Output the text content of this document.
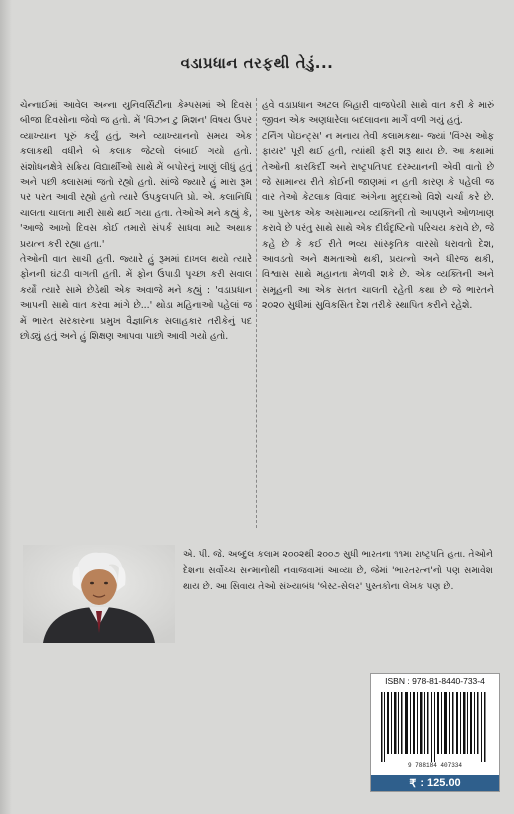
વડાપ્રધાન તરફથી તેડું...

ચેન્નાઈમાં આવેલ અન્ના યુનિવર્સિટીના કેમ્પસમાં એ દિવસ બીજા દિવસોના જેવો જ હતો. મેં 'વિઝન ટુ મિશન' વિષય ઉપર વ્યાખ્યાન પૂરું કર્યું હતું, અને વ્યાખ્યાનનો સમય એક કલાકથી વધીને બે કલાક જેટલો લંબાઈ ગયો હતો. સંશોધનક્ષેત્રે સક્રિય વિદ્યાર્થીઓ સાથે મેં બપોરનું ખાણું લીધું હતું અને પછી ક્લાસમાં જતો રહ્યો હતો. સાંજે જ્યારે હું મારા રૂમ પર પરત આવી રહ્યો હતો ત્યારે ઉપકુલપતિ પ્રો. એ. કલાનિધિ ચાલતા ચાલતા મારી સાથે થઈ ગયા હતા. તેઓએ મને કહ્યું કે, 'આજે આખો દિવસ કોઈ તમારો સંપર્ક સાધવા માટે અથાક પ્રયત્ન કરી રહ્યા હતા.'

તેઓની વાત સાચી હતી. જ્યારે હું રૂમમાં દાખલ થયો ત્યારે ફોનની ઘંટડી વાગતી હતી. મેં ફોન ઉપાડી પૃચ્છા કરી સવાલ કર્યો ત્યારે સામે છેડેથી એક અવાજે મને કહ્યું : 'વડાપ્રધાન આપની સાથે વાત કરવા માંગે છે...' થોડા મહિનાઓ પહેલાં જ મેં ભારત સરકારના પ્રમુખ વૈજ્ઞાનિક સલાહકાર તરીકેનું પદ છોડ્યું હતું અને હું શિક્ષણ આપવા પાછો આવી ગયો હતો.

હવે વડાપ્રધાન અટલ બિહારી વાજપેયી સાથે વાત કરી કે મારું જીવન એક અણધારેલા બદલાવના માર્ગે વળી ગયું હતું.

ટર્નિંગ પોઇન્ટ્સ' ન મનાય તેવી કલામકથા- જ્યાં 'વિંગ્સ ઓફ ફાયર' પૂરી થઈ હતી, ત્યાંથી ફરી શરૂ થાય છે. આ કથામાં તેઓની કારકિર્દી અને રાષ્ટ્રપતિપદ દરમ્યાનની એવી વાતો છે જે સામાન્ય રીતે કોઈની જાણમાં ન હતી કારણ કે પહેલી જ વાર તેઓ કેટલાક વિવાદ અંગેના મુદ્દાઓ વિશે ચર્ચા કરે છે. આ પુસ્તક એક અસામાન્ય વ્યક્તિની તો આપણને ઓળખાણ કરાવે છે પરંતુ સાથે સાથે એક દીર્ઘદૃષ્ટિનો પરિચય કરાવે છે, જે કહે છે કે કઈ રીતે ભવ્ય સાંસ્કૃતિક વારસો ધરાવતો દેશ, આવડતો અને ક્ષમતાઓ થકી, પ્રયત્નો અને ધીરજ થકી, વિશ્વાસ સાથે મહાનતા મેળવી શકે છે. એક વ્યક્તિની અને સમૂહની આ એક સતત ચાલતી રહેતી કથા છે જે ભારતને ૨૦૨૦ સુધીમાં સુવિકસિત દેશ તરીકે સ્થાપિત કરીને રહેશે.

એ. પી. જે. અબ્દુલ કલામ ૨૦૦૨થી ૨૦૦૭ સુધી ભારતના ૧૧મા રાષ્ટ્રપતિ હતા. તેઓને દેશના સર્વોચ્ચ સન્માનોથી નવાજવામાં આવ્યા છે, જેમાં 'ભારતરત્ન'નો પણ સમાવેશ થાય છે. આ સિવાય તેઓ સંખ્યાબંધ 'બેસ્ટ-સેલર' પુસ્તકોના લેખક પણ છે.

ISBN : 978-81-8440-733-4
9 788184 407334
₹ : 125.00
